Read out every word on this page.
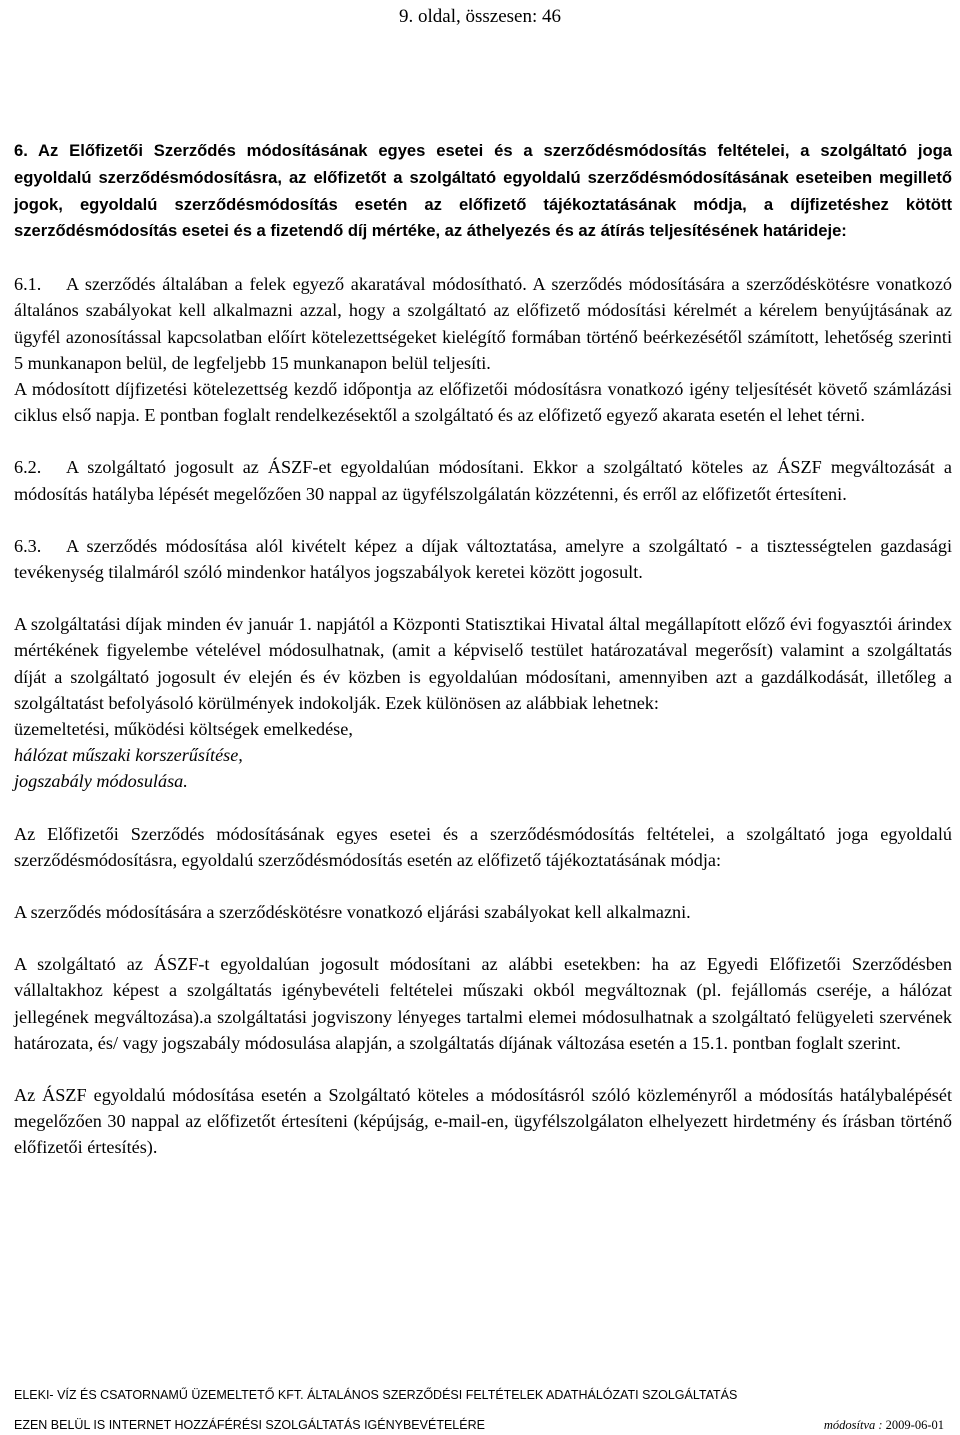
9. oldal, összesen: 46

6. Az Előfizetői Szerződés módosításának egyes esetei és a szerződésmódosítás feltételei, a szolgáltató joga egyoldalú szerződésmódosításra, az előfizetőt a szolgáltató egyoldalú szerződésmódosításának eseteiben megillető jogok, egyoldalú szerződésmódosítás esetén az előfizető tájékoztatásának módja, a díjfizetéshez kötött szerződésmódosítás esetei és a fizetendő díj mértéke, az áthelyezés és az átírás teljesítésének határideje:

6.1. A szerződés általában a felek egyező akaratával módosítható. A szerződés módosítására a szerződéskötésre vonatkozó általános szabályokat kell alkalmazni azzal, hogy a szolgáltató az előfizető módosítási kérelmét a kérelem benyújtásának az ügyfél azonosítással kapcsolatban előírt kötelezettségeket kielégítő formában történő beérkezésétől számított, lehetőség szerinti 5 munkanapon belül, de legfeljebb 15 munkanapon belül teljesíti.

A módosított díjfizetési kötelezettség kezdő időpontja az előfizetői módosításra vonatkozó igény teljesítését követő számlázási ciklus első napja. E pontban foglalt rendelkezésektől a szolgáltató és az előfizető egyező akarata esetén el lehet térni.

6.2. A szolgáltató jogosult az ÁSZF-et egyoldalúan módosítani. Ekkor a szolgáltató köteles az ÁSZF megváltozását a módosítás hatályba lépését megelőzően 30 nappal az ügyfélszolgálatán közzétenni, és erről az előfizetőt értesíteni.

6.3. A szerződés módosítása alól kivételt képez a díjak változtatása, amelyre a szolgáltató - a tisztességtelen gazdasági tevékenység tilalmáról szóló mindenkor hatályos jogszabályok keretei között jogosult.

A szolgáltatási díjak minden év január 1. napjától a Központi Statisztikai Hivatal által megállapított előző évi fogyasztói árindex mértékének figyelembe vételével módosulhatnak, (amit a képviselő testület határozatával megerősít) valamint a szolgáltatás díját a szolgáltató jogosult év elején és év közben is egyoldalúan módosítani, amennyiben azt a gazdálkodását, illetőleg a szolgáltatást befolyásoló körülmények indokolják. Ezek különösen az alábbiak lehetnek:

üzemeltetési, működési költségek emelkedése,

hálózat műszaki korszerűsítése,

jogszabály módosulása.

Az Előfizetői Szerződés módosításának egyes esetei és a szerződésmódosítás feltételei, a szolgáltató joga egyoldalú szerződésmódosításra, egyoldalú szerződésmódosítás esetén az előfizető tájékoztatásának módja:

A szerződés módosítására a szerződéskötésre vonatkozó eljárási szabályokat kell alkalmazni.

A szolgáltató az ÁSZF-t egyoldalúan jogosult módosítani az alábbi esetekben: ha az Egyedi Előfizetői Szerződésben vállaltakhoz képest a szolgáltatás igénybevételi feltételei műszaki okból megváltoznak (pl. fejállomás cseréje, a hálózat jellegének megváltozása).a szolgáltatási jogviszony lényeges tartalmi elemei módosulhatnak a szolgáltató felügyeleti szervének határozata, és/ vagy jogszabály módosulása alapján, a szolgáltatás díjának változása esetén a 15.1. pontban foglalt szerint.

Az ÁSZF egyoldalú módosítása esetén a Szolgáltató köteles a módosításról szóló közleményről a módosítás hatálybalépését megelőzően 30 nappal az előfizetőt értesíteni (képújság, e-mail-en, ügyfélszolgálaton elhelyezett hirdetmény és írásban történő előfizetői értesítés).

ELEKI- VÍZ ÉS CSATORNAMŰ ÜZEMELTETŐ KFT. ÁLTALÁNOS SZERZŐDÉSI FELTÉTELEK ADATHÁLÓZATI SZOLGÁLTATÁS
EZEN BELÜL IS INTERNET HOZZÁFÉRÉSI SZOLGÁLTATÁS IGÉNYBEVÉTELÉRE	módosítva : 2009-06-01
